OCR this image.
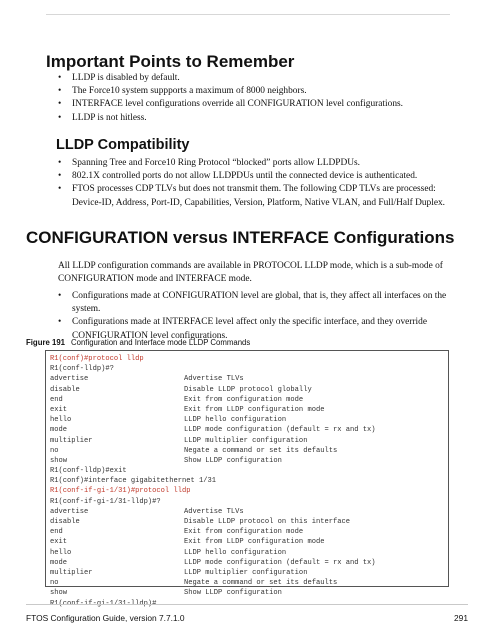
Important Points to Remember
• LLDP is disabled by default.
• The Force10 system suppports a maximum of 8000 neighbors.
• INTERFACE level configurations override all CONFIGURATION level configurations.
• LLDP is not hitless.
LLDP Compatibility
• Spanning Tree and Force10 Ring Protocol “blocked” ports allow LLDPDUs.
• 802.1X controlled ports do not allow LLDPDUs until the connected device is authenticated.
• FTOS processes CDP TLVs but does not transmit them. The following CDP TLVs are processed: Device-ID, Address, Port-ID, Capabilities, Version, Platform, Native VLAN, and Full/Half Duplex.
CONFIGURATION versus INTERFACE Configurations

All LLDP configuration commands are available in PROTOCOL LLDP mode, which is a sub-mode of CONFIGURATION mode and INTERFACE mode.

• Configurations made at CONFIGURATION level are global, that is, they affect all interfaces on the system.
• Configurations made at INTERFACE level affect only the specific interface, and they override CONFIGURATION level configurations.
Figure 191 Configuration and Interface mode LLDP Commands
R1(conf)#protocol lldp
R1(conf-lldp)#?
advertise	Advertise TLVs
disable	Disable LLDP protocol globally
end	Exit from configuration mode
exit	Exit from LLDP configuration mode
hello	LLDP hello configuration
mode	LLDP mode configuration (default = rx and tx)
multiplier	LLDP multiplier configuration
no	Negate a command or set its defaults
show	Show LLDP configuration
R1(conf-lldp)#exit
R1(conf)#interface gigabitethernet 1/31
R1(conf-if-gi-1/31)#protocol lldp
R1(conf-if-gi-1/31-lldp)#?
advertise	Advertise TLVs
disable	Disable LLDP protocol on this interface
end	Exit from configuration mode
exit	Exit from LLDP configuration mode
hello	LLDP hello configuration
mode	LLDP mode configuration (default = rx and tx)
multiplier	LLDP multiplier configuration
no	Negate a command or set its defaults
show	Show LLDP configuration
R1(conf-if-gi-1/31-lldp)#
FTOS Configuration Guide, version 7.7.1.0	291
